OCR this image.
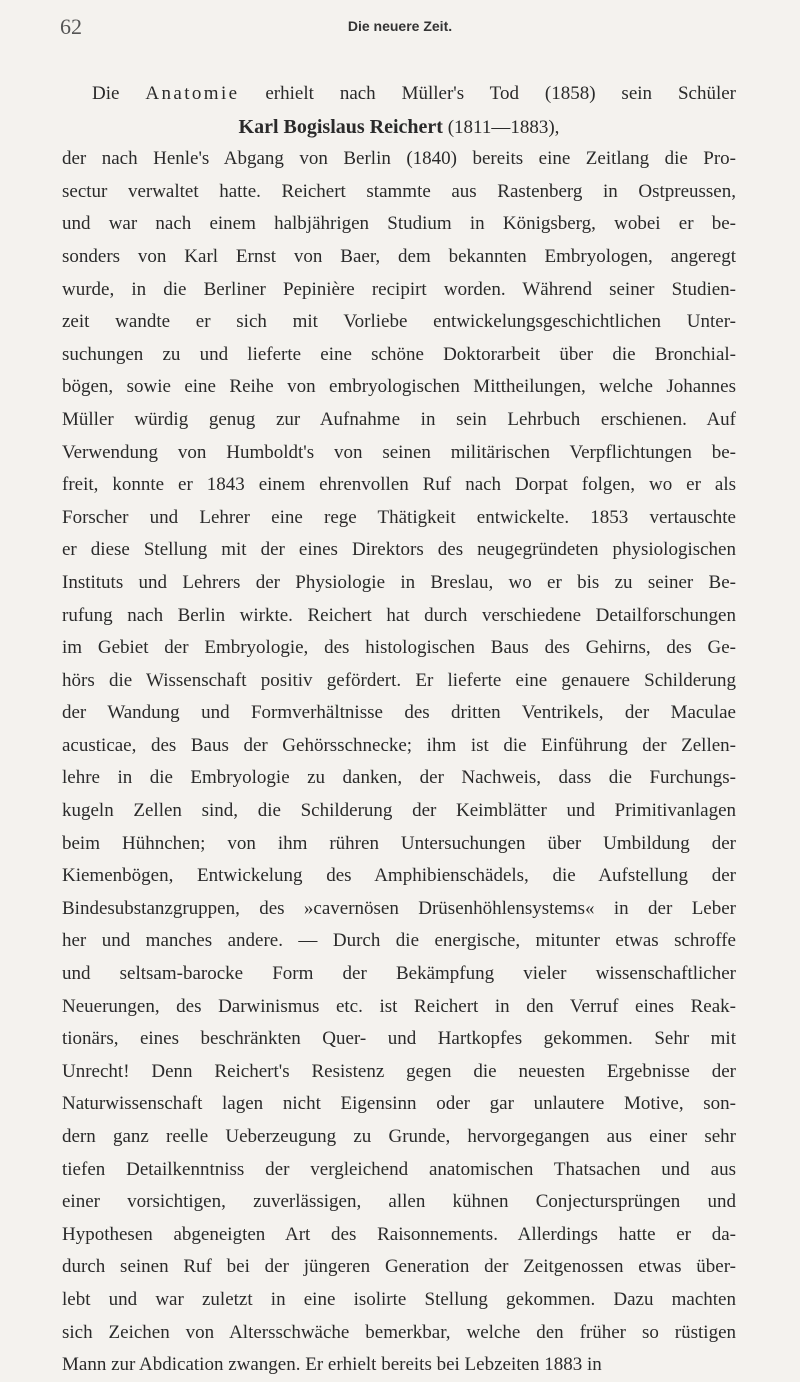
62	Die neuere Zeit.
Die Anatomie erhielt nach Müller's Tod (1858) sein Schüler
Karl Bogislaus Reichert (1811—1883),
der nach Henle's Abgang von Berlin (1840) bereits eine Zeitlang die Pro-
sectur verwaltet hatte. Reichert stammte aus Rastenberg in Ostpreussen,
und war nach einem halbjährigen Studium in Königsberg, wobei er be-
sonders von Karl Ernst von Baer, dem bekannten Embryologen, angeregt
wurde, in die Berliner Pepinière recipirt worden. Während seiner Studien-
zeit wandte er sich mit Vorliebe entwickelungsgeschichtlichen Unter-
suchungen zu und lieferte eine schöne Doktorarbeit über die Bronchial-
bögen, sowie eine Reihe von embryologischen Mittheilungen, welche Johannes
Müller würdig genug zur Aufnahme in sein Lehrbuch erschienen. Auf
Verwendung von Humboldt's von seinen militärischen Verpflichtungen be-
freit, konnte er 1843 einem ehrenvollen Ruf nach Dorpat folgen, wo er als
Forscher und Lehrer eine rege Thätigkeit entwickelte. 1853 vertauschte
er diese Stellung mit der eines Direktors des neugegründeten physiologischen
Instituts und Lehrers der Physiologie in Breslau, wo er bis zu seiner Be-
rufung nach Berlin wirkte. Reichert hat durch verschiedene Detailforschungen
im Gebiet der Embryologie, des histologischen Baus des Gehirns, des Ge-
hörs die Wissenschaft positiv gefördert. Er lieferte eine genauere Schilderung
der Wandung und Formverhältnisse des dritten Ventrikels, der Maculae
acusticae, des Baus der Gehörsschnecke; ihm ist die Einführung der Zellen-
lehre in die Embryologie zu danken, der Nachweis, dass die Furchungs-
kugeln Zellen sind, die Schilderung der Keimblätter und Primitivanlagen
beim Hühnchen; von ihm rühren Untersuchungen über Umbildung der
Kiemenbögen, Entwickelung des Amphibienschädels, die Aufstellung der
Bindesubstanzgruppen, des »cavernösen Drüsenhöhlensystems« in der Leber
her und manches andere. — Durch die energische, mitunter etwas schroffe
und seltsam-barocke Form der Bekämpfung vieler wissenschaftlicher
Neuerungen, des Darwinismus etc. ist Reichert in den Verruf eines Reak-
tionärs, eines beschränkten Quer- und Hartkopfes gekommen. Sehr mit
Unrecht! Denn Reichert's Resistenz gegen die neuesten Ergebnisse der
Naturwissenschaft lagen nicht Eigensinn oder gar unlautere Motive, son-
dern ganz reelle Ueberzeugung zu Grunde, hervorgegangen aus einer sehr
tiefen Detailkenntniss der vergleichend anatomischen Thatsachen und aus
einer vorsichtigen, zuverlässigen, allen kühnen Conjectursprüngen und
Hypothesen abgeneigten Art des Raisonnements. Allerdings hatte er da-
durch seinen Ruf bei der jüngeren Generation der Zeitgenossen etwas über-
lebt und war zuletzt in eine isolirte Stellung gekommen. Dazu machten
sich Zeichen von Altersschwäche bemerkbar, welche den früher so rüstigen
Mann zur Abdication zwangen. Er erhielt bereits bei Lebzeiten 1883 in
